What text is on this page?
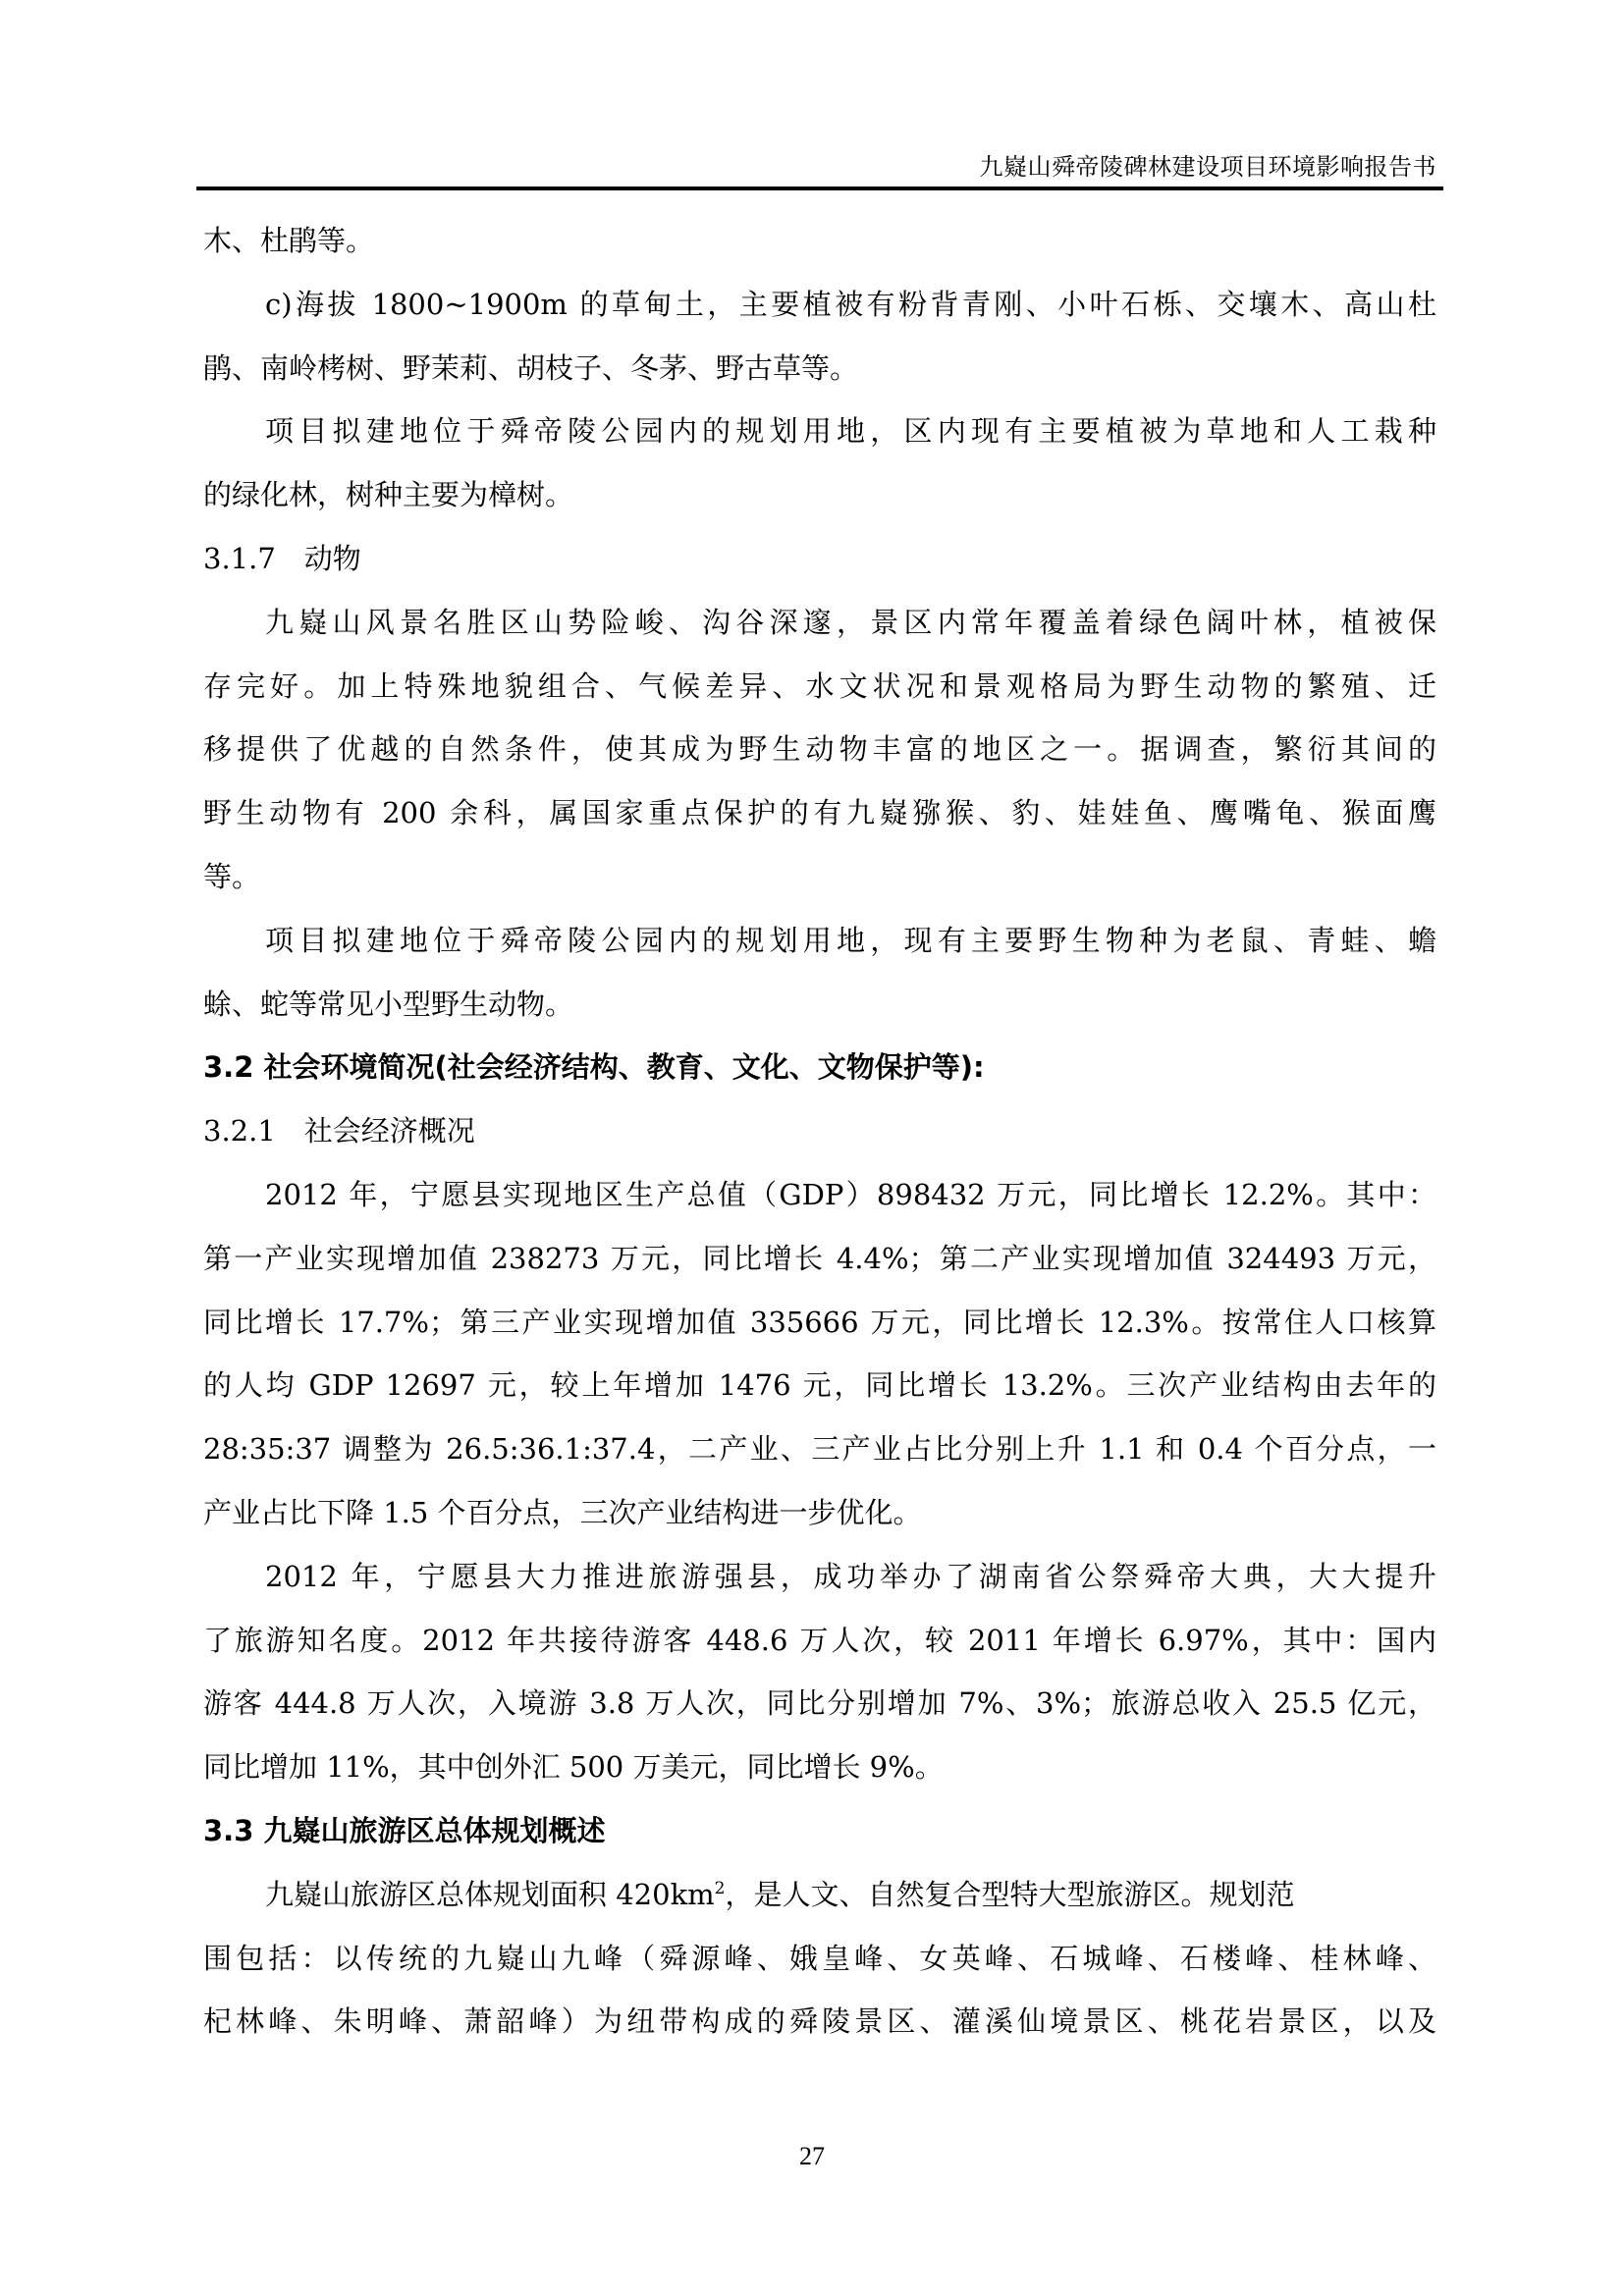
九嶷山舜帝陵碑林建设项目环境影响报告书
木、杜鹃等。
c)海拔 1800~1900m 的草甸土，主要植被有粉背青刚、小叶石栎、交壤木、高山杜
鹃、南岭栲树、野茉莉、胡枝子、冬茅、野古草等。
项目拟建地位于舜帝陵公园内的规划用地，区内现有主要植被为草地和人工栽种
的绿化林，树种主要为樟树。
3.1.7　动物
九嶷山风景名胜区山势险峻、沟谷深邃，景区内常年覆盖着绿色阔叶林，植被保
存完好。加上特殊地貌组合、气候差异、水文状况和景观格局为野生动物的繁殖、迁
移提供了优越的自然条件，使其成为野生动物丰富的地区之一。据调查，繁衍其间的
野生动物有 200 余科，属国家重点保护的有九嶷猕猴、豹、娃娃鱼、鹰嘴龟、猴面鹰
等。
项目拟建地位于舜帝陵公园内的规划用地，现有主要野生物种为老鼠、青蛙、蟾
蜍、蛇等常见小型野生动物。
3.2 社会环境简况(社会经济结构、教育、文化、文物保护等):
3.2.1　社会经济概况
2012 年，宁愿县实现地区生产总值（GDP）898432 万元，同比增长 12.2%。其中：
第一产业实现增加值 238273 万元，同比增长 4.4%；第二产业实现增加值 324493 万元，
同比增长 17.7%；第三产业实现增加值 335666 万元，同比增长 12.3%。按常住人口核算
的人均 GDP 12697 元，较上年增加 1476 元，同比增长 13.2%。三次产业结构由去年的
28:35:37 调整为 26.5:36.1:37.4，二产业、三产业占比分别上升 1.1 和 0.4 个百分点，一
产业占比下降 1.5 个百分点，三次产业结构进一步优化。
2012 年，宁愿县大力推进旅游强县，成功举办了湖南省公祭舜帝大典，大大提升
了旅游知名度。2012 年共接待游客 448.6 万人次，较 2011 年增长 6.97%，其中：国内
游客 444.8 万人次，入境游 3.8 万人次，同比分别增加 7%、3%；旅游总收入 25.5 亿元，
同比增加 11%，其中创外汇 500 万美元，同比增长 9%。
3.3 九嶷山旅游区总体规划概述
九嶷山旅游区总体规划面积 $420km^2$，是人文、自然复合型特大型旅游区。规划范
围包括：以传统的九嶷山九峰（舜源峰、娥皇峰、女英峰、石城峰、石楼峰、桂林峰、
杞林峰、朱明峰、萧韶峰）为纽带构成的舜陵景区、灌溪仙境景区、桃花岩景区，以及
27
